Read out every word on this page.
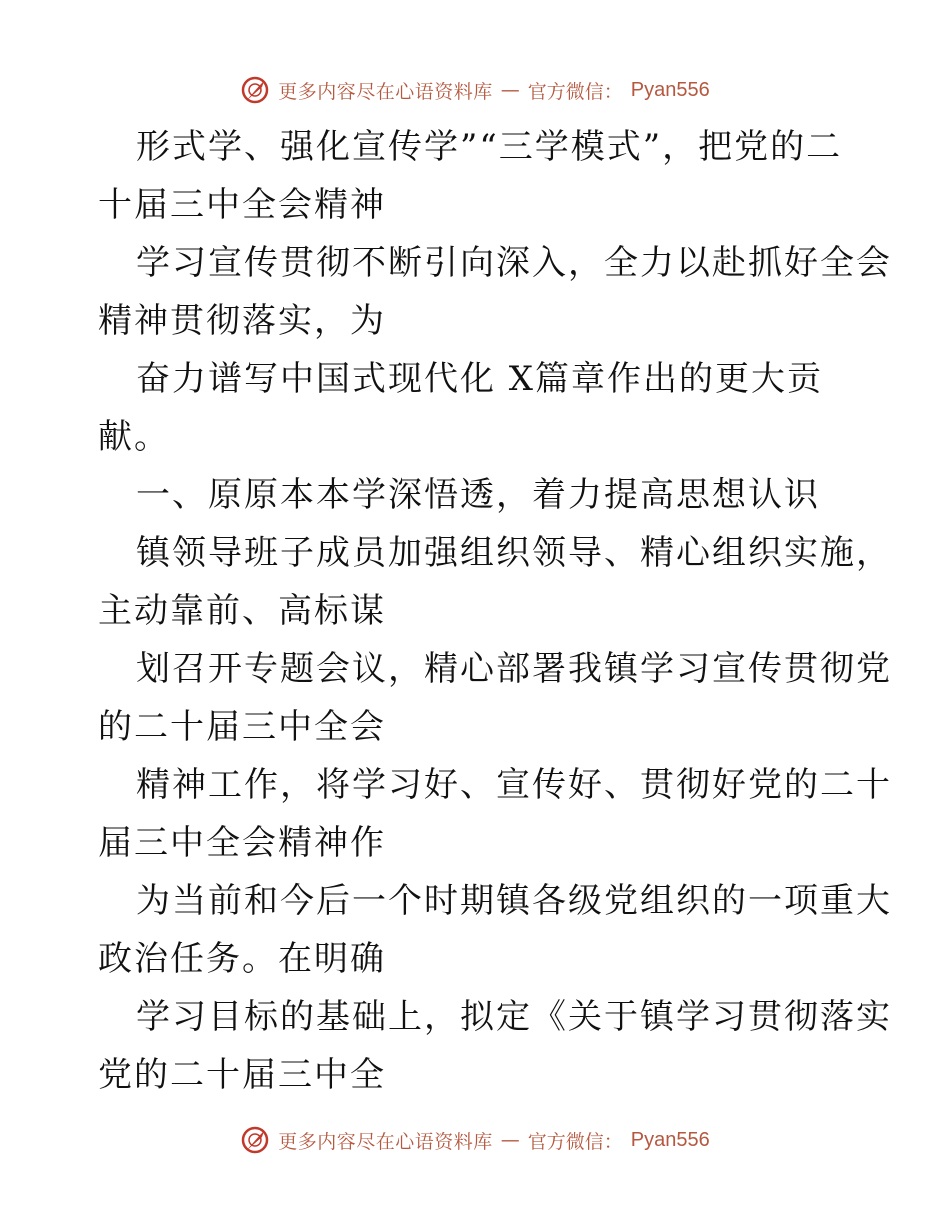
更多内容尽在心语资料库 — 官方微信： Pyan556
形式学、强化宣传学”“三学模式”，把党的二
十届三中全会精神
学习宣传贯彻不断引向深入，全力以赴抓好全会
精神贯彻落实，为
奋力谱写中国式现代化 X篇章作出的更大贡
献。
一、原原本本学深悟透，着力提高思想认识
镇领导班子成员加强组织领导、精心组织实施，
主动靠前、高标谋
划召开专题会议，精心部署我镇学习宣传贯彻党
的二十届三中全会
精神工作，将学习好、宣传好、贯彻好党的二十
届三中全会精神作
为当前和今后一个时期镇各级党组织的一项重大
政治任务。在明确
学习目标的基础上，拟定《关于镇学习贯彻落实
党的二十届三中全
更多内容尽在心语资料库 — 官方微信： Pyan556
